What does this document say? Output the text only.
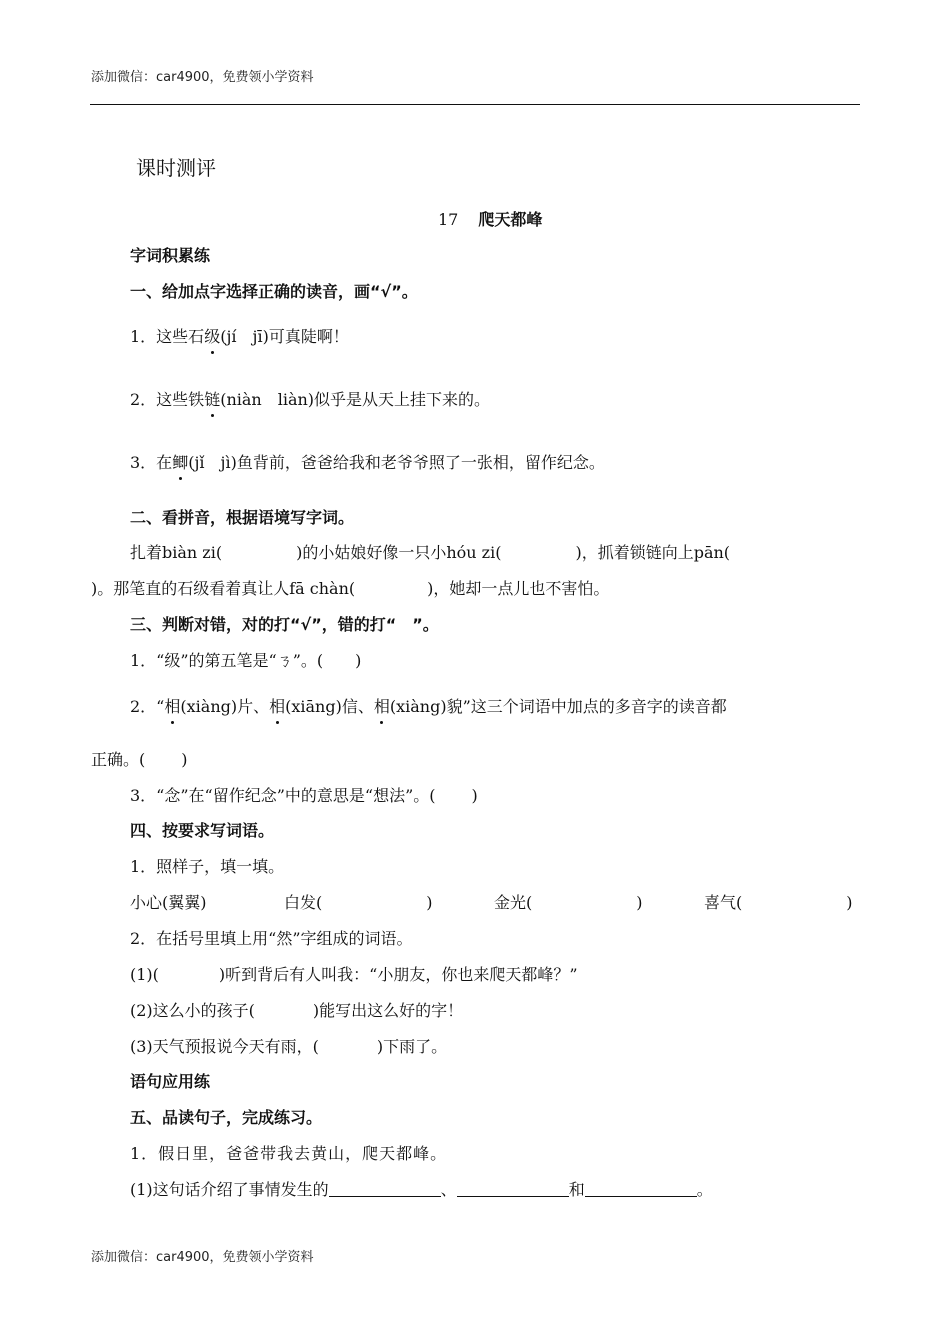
添加微信：car4900，免费领小学资料
课时测评
17 爬天都峰
字词积累练
一、给加点字选择正确的读音，画“√”。
1．这些石级(jí　jī)可真陡啊！
2．这些铁链(niàn　liàn)似乎是从天上挂下来的。
3．在鲫(jǐ　jì)鱼背前，爸爸给我和老爷爷照了一张相，留作纪念。
二、看拼音，根据语境写字词。
扎着biàn zi(	)的小姑娘好像一只小hóu zi(	)，抓着锁链向上pān(
)。那笔直的石级看着真让人fā chàn(	)，她却一点儿也不害怕。
三、判断对错，对的打“√”，错的打“　”。
1．“级”的第五笔是“ㄋ”。( )
2．“相(xiàng)片、相(xiāng)信、相(xiàng)貌”这三个词语中加点的多音字的读音都
正确。( )
3．“念”在“留作纪念”中的意思是“想法”。( )
四、按要求写词语。
1．照样子，填一填。
小心(翼翼)	白发(	)	金光(	)	喜气(	)
2．在括号里填上用“然”字组成的词语。
(1)(	)听到背后有人叫我：“小朋友，你也来爬天都峰？”
(2)这么小的孩子(	)能写出这么好的字！
(3)天气预报说今天有雨，(	)下雨了。
语句应用练
五、品读句子，完成练习。
1．假日里，爸爸带我去黄山，爬天都峰。
(1)这句话介绍了事情发生的	、	和	。
添加微信：car4900，免费领小学资料
